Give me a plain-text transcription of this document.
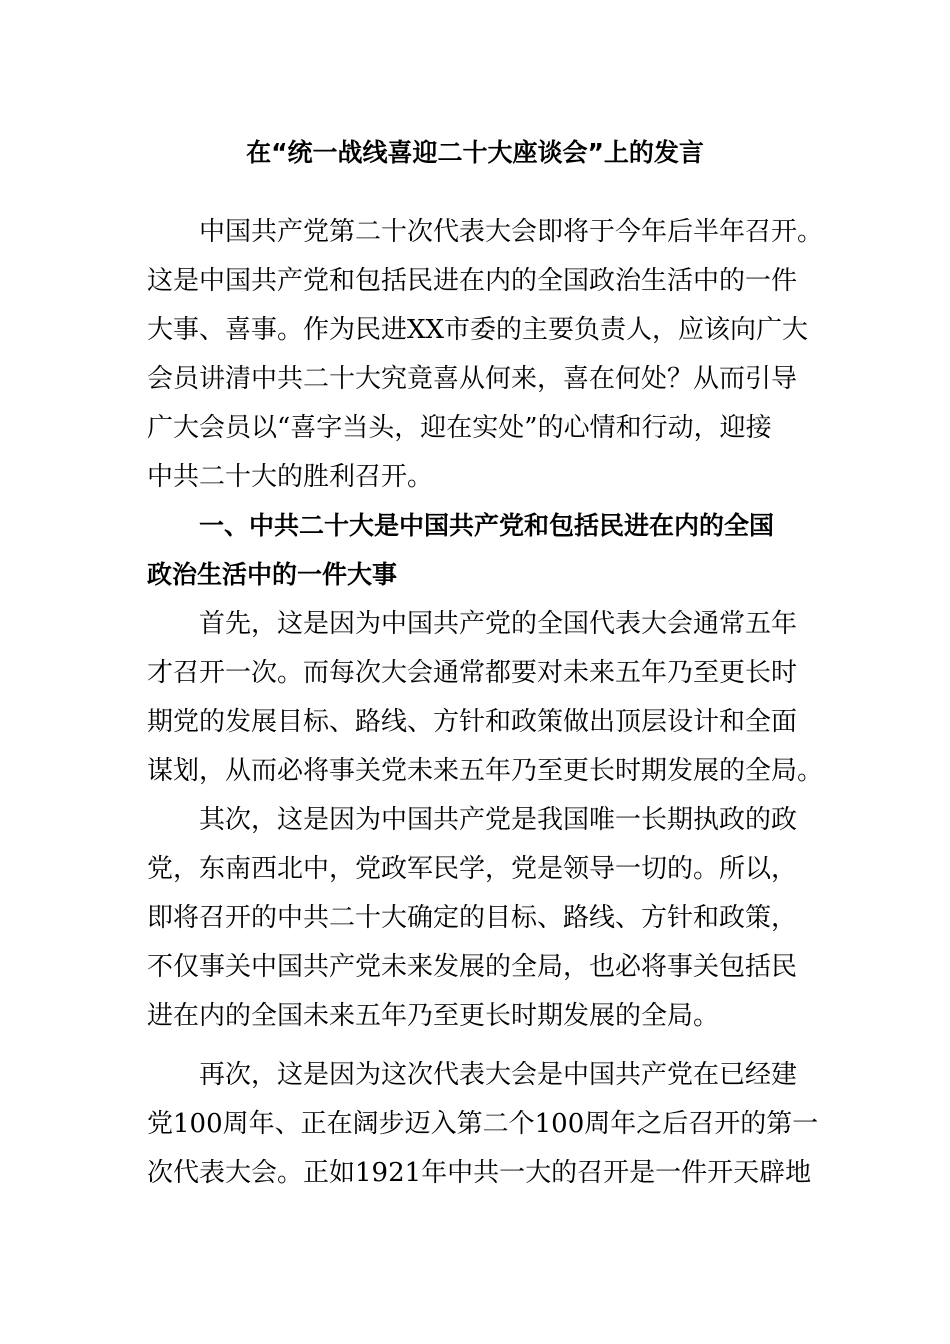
在“统一战线喜迎二十大座谈会”上的发言

中国共产党第二十次代表大会即将于今年后半年召开。

这是中国共产党和包括民进在内的全国政治生活中的一件

大事、喜事。作为民进XX市委的主要负责人，应该向广大

会员讲清中共二十大究竟喜从何来，喜在何处？从而引导

广大会员以“喜字当头，迎在实处”的心情和行动，迎接

中共二十大的胜利召开。

一、中共二十大是中国共产党和包括民进在内的全国

政治生活中的一件大事

首先，这是因为中国共产党的全国代表大会通常五年

才召开一次。而每次大会通常都要对未来五年乃至更长时

期党的发展目标、路线、方针和政策做出顶层设计和全面

谋划，从而必将事关党未来五年乃至更长时期发展的全局。

其次，这是因为中国共产党是我国唯一长期执政的政

党，东南西北中，党政军民学，党是领导一切的。所以，

即将召开的中共二十大确定的目标、路线、方针和政策，

不仅事关中国共产党未来发展的全局，也必将事关包括民

进在内的全国未来五年乃至更长时期发展的全局。

再次，这是因为这次代表大会是中国共产党在已经建

党100周年、正在阔步迈入第二个100周年之后召开的第一

次代表大会。正如1921年中共一大的召开是一件开天辟地
